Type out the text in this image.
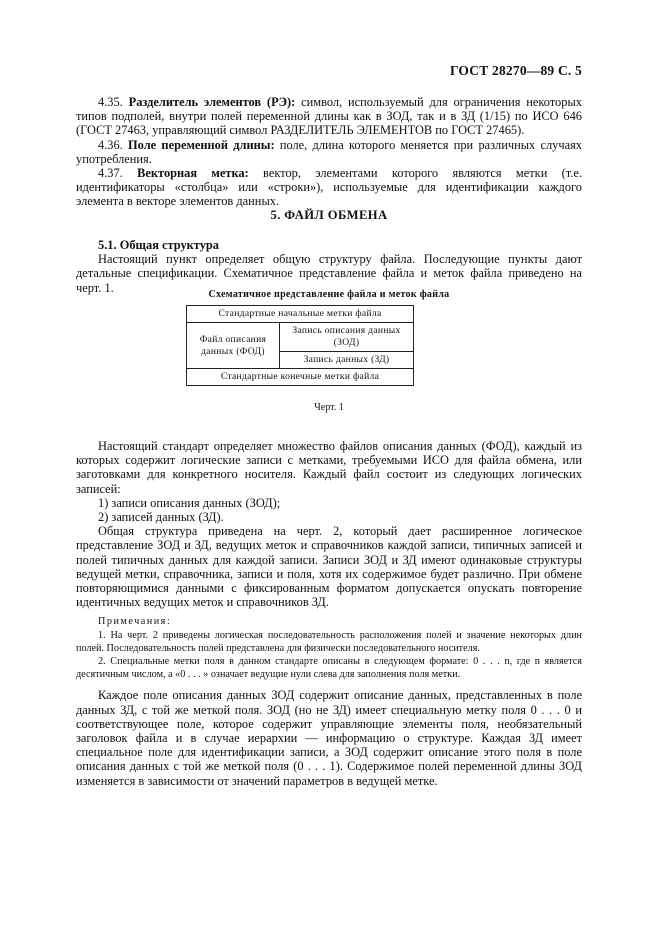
ГОСТ 28270—89 С. 5

4.35. Разделитель элементов (РЭ): символ, используемый для ограничения некоторых типов подполей, внутри полей переменной длины как в ЗОД, так и в ЗД (1/15) по ИСО 646 (ГОСТ 27463, управляющий символ РАЗДЕЛИТЕЛЬ ЭЛЕМЕНТОВ по ГОСТ 27465).

4.36. Поле переменной длины: поле, длина которого меняется при различных случаях употребления.

4.37. Векторная метка: вектор, элементами которого являются метки (т.е. идентификаторы «столбца» или «строки»), используемые для идентификации каждого элемента в векторе элементов данных.

5. ФАЙЛ ОБМЕНА

5.1. Общая структура

Настоящий пункт определяет общую структуру файла. Последующие пункты дают детальные спецификации. Схематичное представление файла и меток файла приведено на черт. 1.	Схематичное представление файла и меток файла
Стандартные начальные метки файла
Файл описания данных (ФОД)	Запись описания данных (ЗОД)
Запись данных (ЗД)
Стандартные конечные метки файла
Черт. 1

Настоящий стандарт определяет множество файлов описания данных (ФОД), каждый из которых содержит логические записи с метками, требуемыми ИСО для файла обмена, или заготовками для конкретного носителя. Каждый файл состоит из следующих логических записей:

1) записи описания данных (ЗОД);

2) записей данных (ЗД).

Общая структура приведена на черт. 2, который дает расширенное логическое представление ЗОД и ЗД, ведущих меток и справочников каждой записи, типичных записей и полей типичных данных для каждой записи. Записи ЗОД и ЗД имеют одинаковые структуры ведущей метки, справочника, записи и поля, хотя их содержимое будет различно. При обмене повторяющимися данными с фиксированным форматом допускается опускать повторение идентичных ведущих меток и справочников ЗД.

Примечания:

1. На черт. 2 приведены логическая последовательность расположения полей и значение некоторых длин полей. Последовательность полей представлена для физически последовательного носителя.

2. Специальные метки поля в данном стандарте описаны в следующем формате: 0 . . . n, где n является десятичным числом, а «0 . . . » означает ведущие нули слева для заполнения поля метки.

Каждое поле описания данных ЗОД содержит описание данных, представленных в поле данных ЗД, с той же меткой поля. ЗОД (но не ЗД) имеет специальную метку поля 0 . . . 0 и соответствующее поле, которое содержит управляющие элементы поля, необязательный заголовок файла и в случае иерархии — информацию о структуре. Каждая ЗД имеет специальное поле для идентификации записи, а ЗОД содержит описание этого поля в поле описания данных с той же меткой поля (0 . . . 1). Содержимое полей переменной длины ЗОД изменяется в зависимости от значений параметров в ведущей метке.
